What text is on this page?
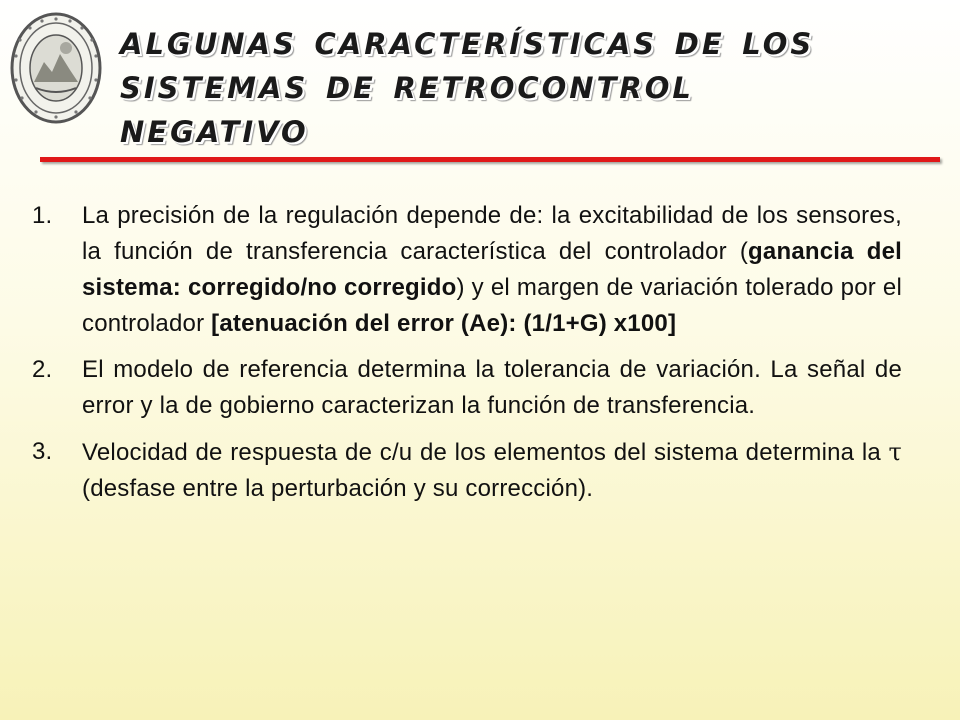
algunas características de los
sistemas de retrocontrol
negativo
1.	La precisión de la regulación depende de: la excitabilidad de los sensores, la función de transferencia característica del controlador (ganancia del sistema: corregido/no corregido) y el margen de variación tolerado por el controlador [atenuación del error (Ae): (1/1+G) x100]
2.	El modelo de referencia determina la tolerancia de variación. La señal de error y la de gobierno caracterizan la función de transferencia.
3.	Velocidad de respuesta de c/u de los elementos del sistema determina la τ (desfase entre la perturbación y su corrección).
